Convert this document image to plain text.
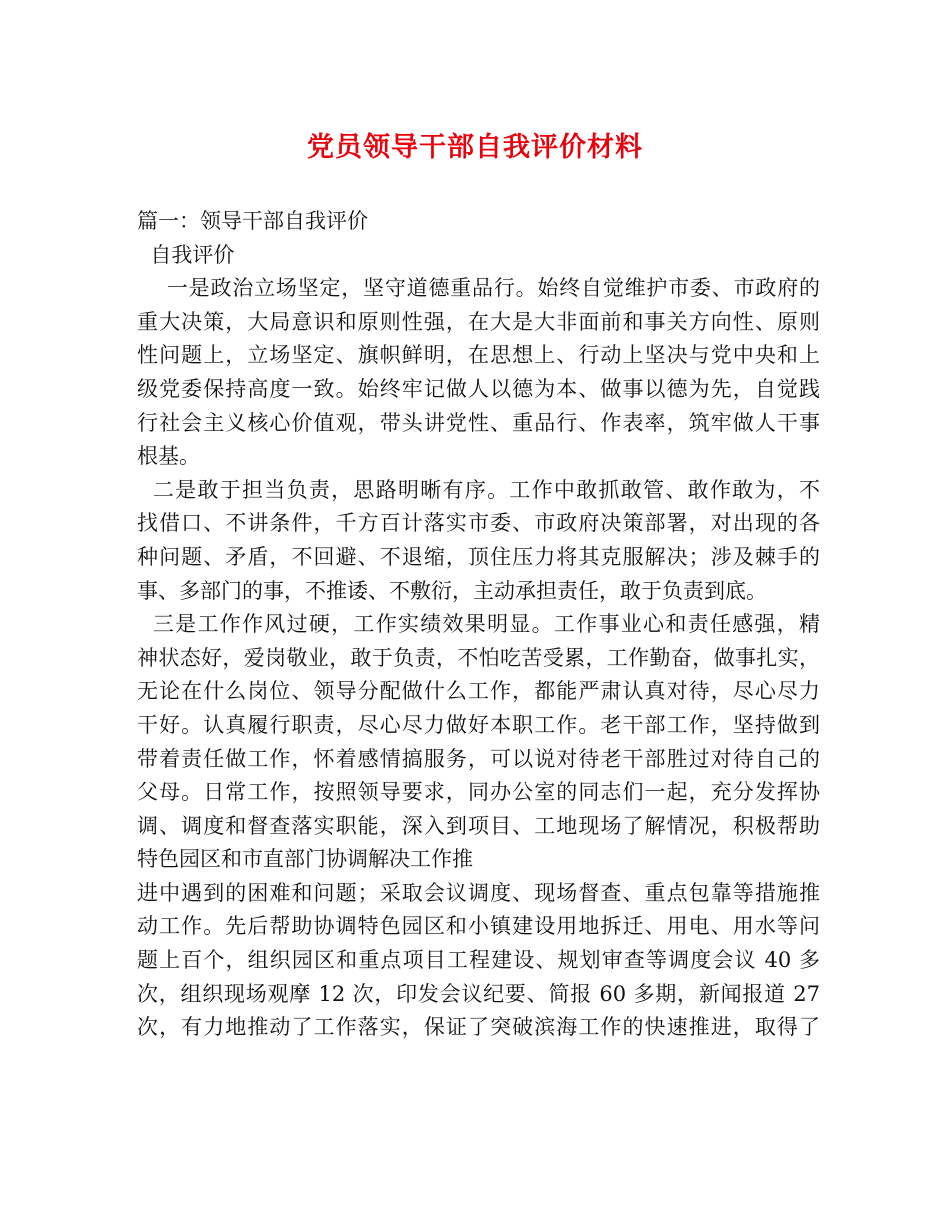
党员领导干部自我评价材料
篇一：领导干部自我评价
自我评价
一是政治立场坚定，坚守道德重品行。始终自觉维护市委、市政府的
重大决策，大局意识和原则性强，在大是大非面前和事关方向性、原则
性问题上，立场坚定、旗帜鲜明，在思想上、行动上坚决与党中央和上
级党委保持高度一致。始终牢记做人以德为本、做事以德为先，自觉践
行社会主义核心价值观，带头讲党性、重品行、作表率，筑牢做人干事
根基。
二是敢于担当负责，思路明晰有序。工作中敢抓敢管、敢作敢为，不
找借口、不讲条件，千方百计落实市委、市政府决策部署，对出现的各
种问题、矛盾，不回避、不退缩，顶住压力将其克服解决；涉及棘手的
事、多部门的事，不推诿、不敷衍，主动承担责任，敢于负责到底。
三是工作作风过硬，工作实绩效果明显。工作事业心和责任感强，精
神状态好，爱岗敬业，敢于负责，不怕吃苦受累，工作勤奋，做事扎实，
无论在什么岗位、领导分配做什么工作，都能严肃认真对待，尽心尽力
干好。认真履行职责，尽心尽力做好本职工作。老干部工作，坚持做到
带着责任做工作，怀着感情搞服务，可以说对待老干部胜过对待自己的
父母。日常工作，按照领导要求，同办公室的同志们一起，充分发挥协
调、调度和督查落实职能，深入到项目、工地现场了解情况，积极帮助
特色园区和市直部门协调解决工作推
进中遇到的困难和问题；采取会议调度、现场督查、重点包靠等措施推
动工作。先后帮助协调特色园区和小镇建设用地拆迁、用电、用水等问
题上百个，组织园区和重点项目工程建设、规划审查等调度会议 40 多
次，组织现场观摩 12 次，印发会议纪要、简报 60 多期，新闻报道 27
次，有力地推动了工作落实，保证了突破滨海工作的快速推进，取得了
